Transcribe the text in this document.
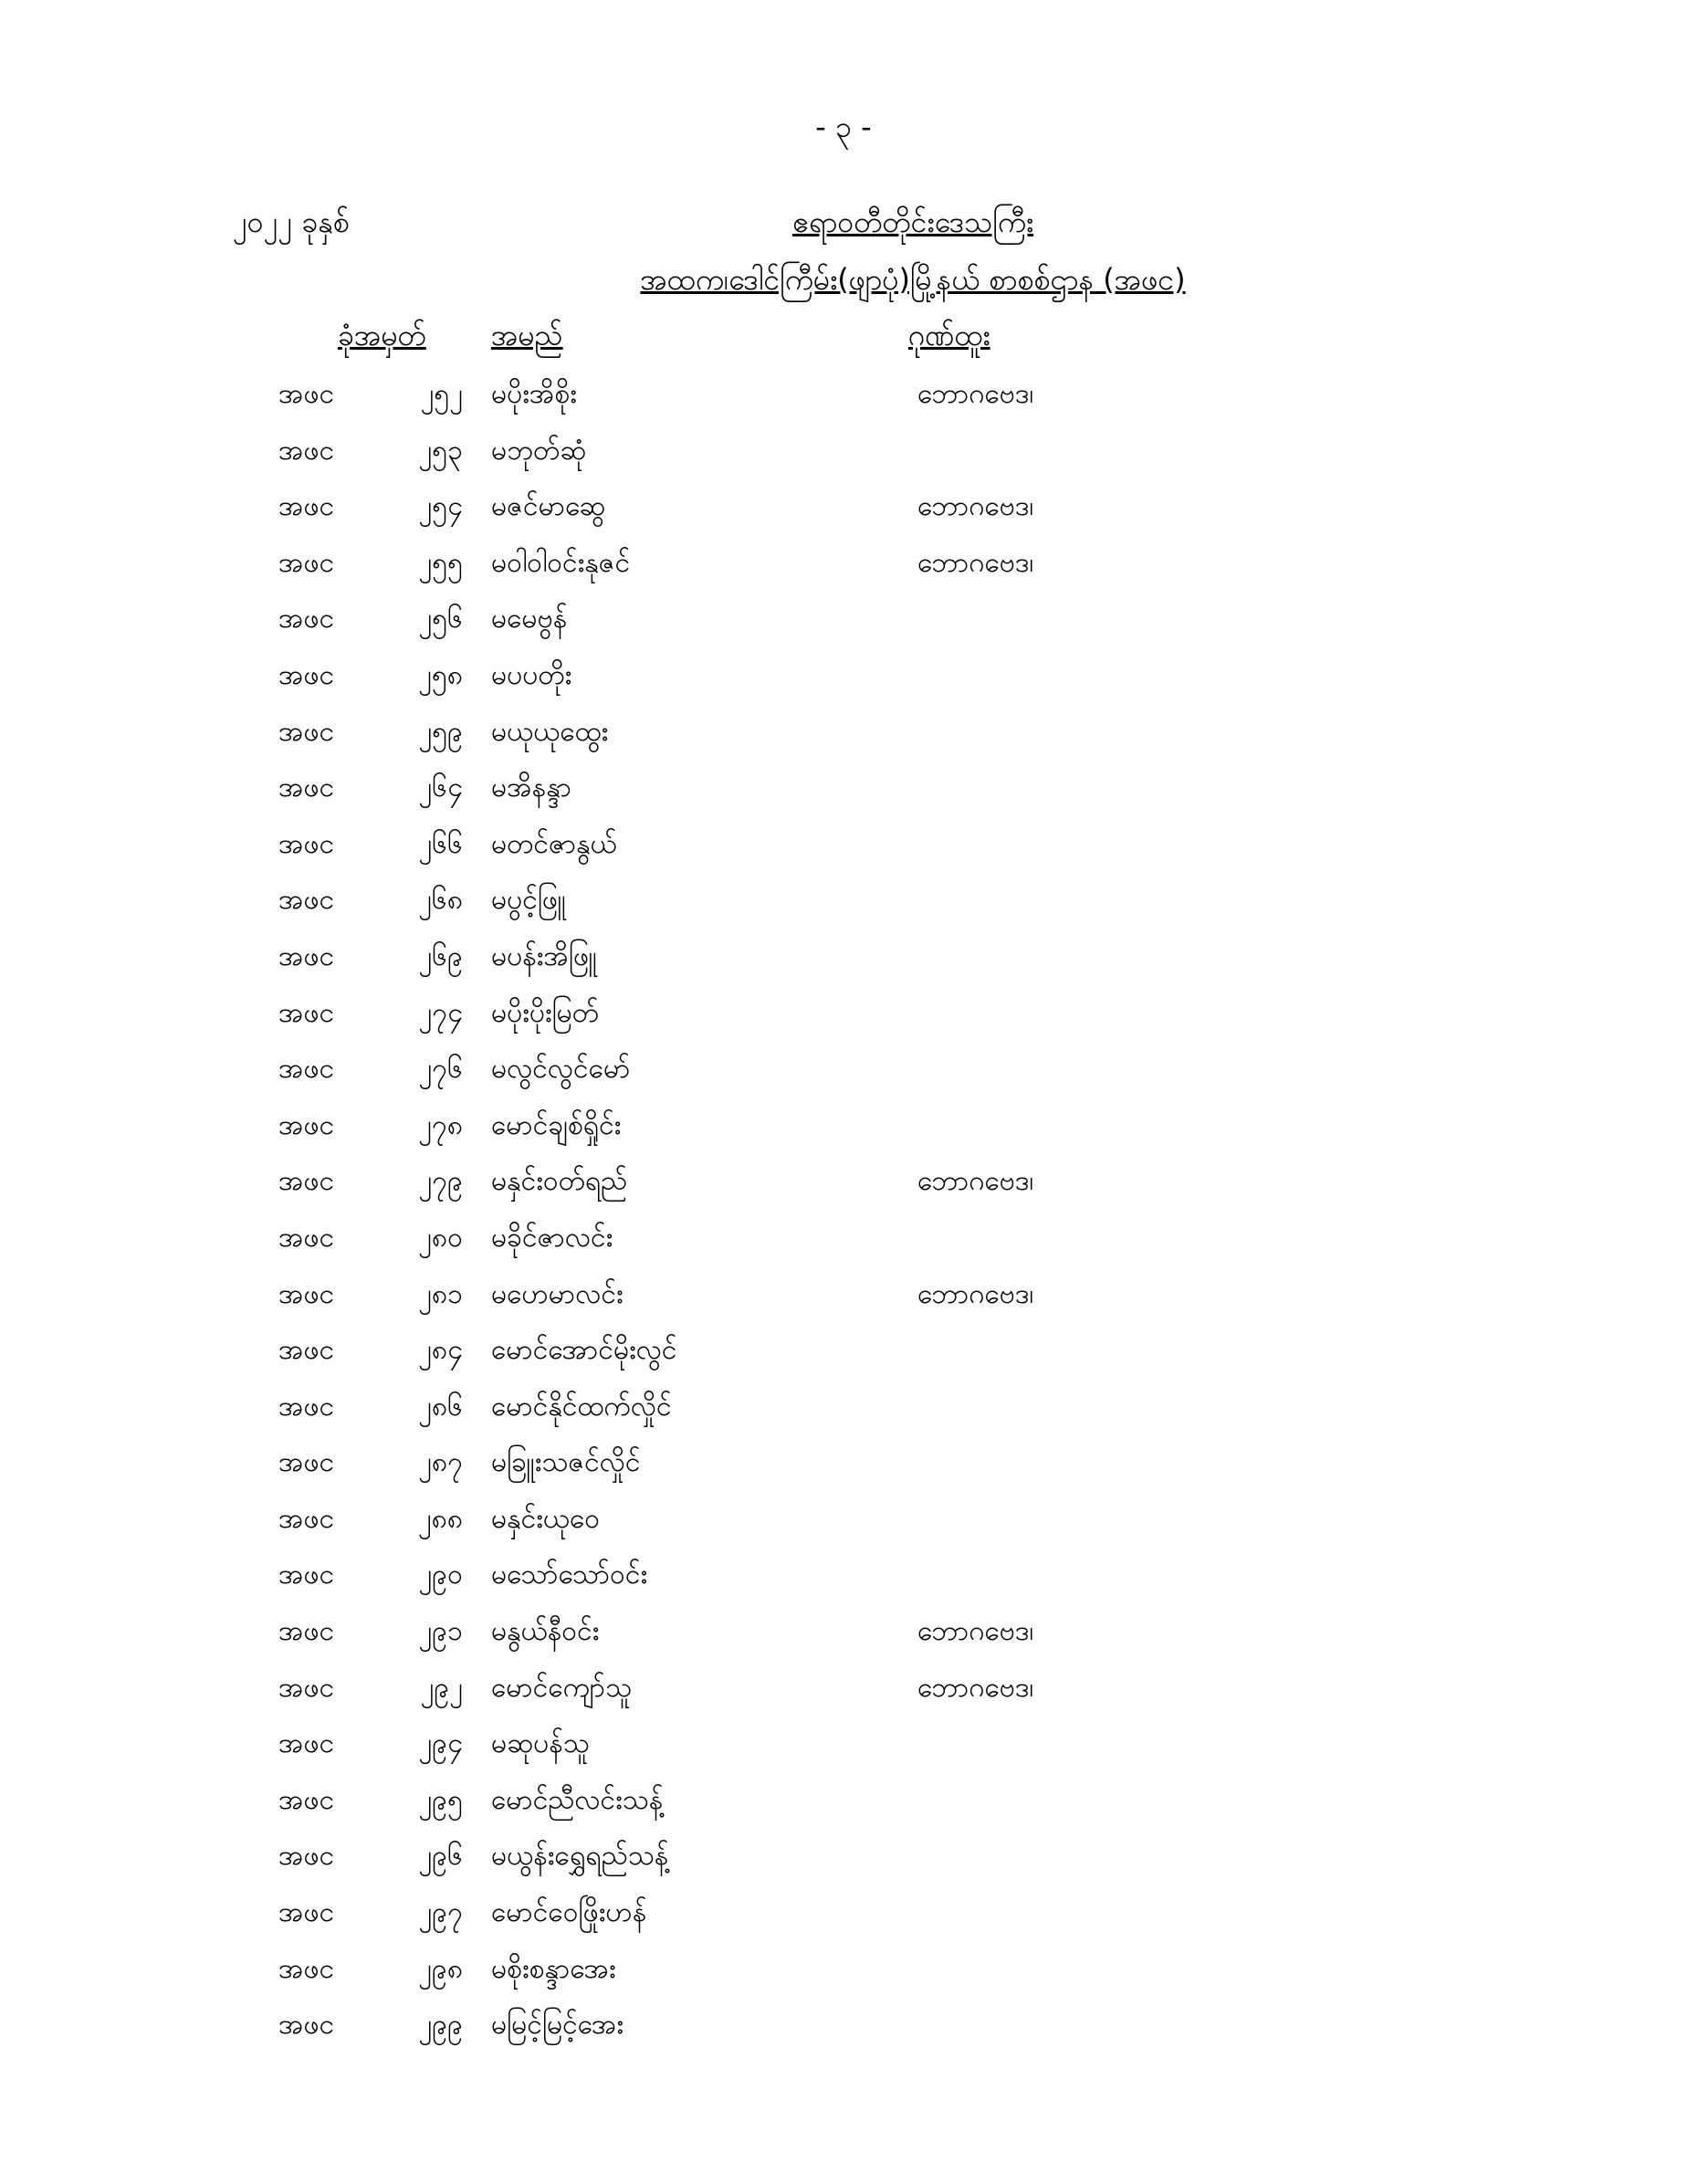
- ၃ -
၂၀၂၂ ခုနှစ်	ဧရာဝတီတိုင်းဒေသကြီး
အထက၊ဒေါင်ကြီမ်း(ဖျာပုံ)မြို့နယ် စာစစ်ဌာန (အဖင)
ခုံအမှတ် အမည်	ဂုဏ်ထူး
အဖင	၂၅၂ မပိုးအိစိုး	ဘောဂဗေဒ၊
အဖင	၂၅၃ မဘုတ်ဆုံ
အဖင	၂၅၄ မဇင်မာဆွေ	ဘောဂဗေဒ၊
အဖင	၂၅၅ မဝါဝါဝင်းနုဇင်	ဘောဂဗေဒ၊
အဖင	၂၅၆ မမေဗွန်
အဖင	၂၅၈ မပပတိုး
အဖင	၂၅၉ မယုယုထွေး
အဖင	၂၆၄ မအိနန္ဒာ
အဖင	၂၆၆ မတင်ဇာနွယ်
အဖင	၂၆၈ မပွင့်ဖြူ
အဖင	၂၆၉ မပန်းအိဖြူ
အဖင	၂၇၄ မပိုးပိုးမြတ်
အဖင	၂၇၆ မလွင်လွင်မော်
အဖင	၂၇၈ မောင်ချစ်ရှိုင်း
အဖင	၂၇၉ မနှင်းဝတ်ရည်	ဘောဂဗေဒ၊
အဖင	၂၈၀ မခိုင်ဇာလင်း
အဖင	၂၈၁ မဟေမာလင်း	ဘောဂဗေဒ၊
အဖင	၂၈၄ မောင်အောင်မိုးလွင်
အဖင	၂၈၆ မောင်နိုင်ထက်လှိုင်
အဖင	၂၈၇ မခြူးသဇင်လှိုင်
အဖင	၂၈၈ မနှင်းယုဝေ
အဖင	၂၉၀ မသော်သော်ဝင်း
အဖင	၂၉၁ မနွယ်နီဝင်း	ဘောဂဗေဒ၊
အဖင	၂၉၂ မောင်ကျော်သူ	ဘောဂဗေဒ၊
အဖင	၂၉၄ မဆုပန်သူ
အဖင	၂၉၅ မောင်ညီလင်းသန့်
အဖင	၂၉၆ မယွန်းရွှေရည်သန့်
အဖင	၂၉၇ မောင်ဝေဖြိုးဟန်
အဖင	၂၉၈ မစိုးစန္ဒာအေး
အဖင	၂၉၉ မမြင့်မြင့်အေး
